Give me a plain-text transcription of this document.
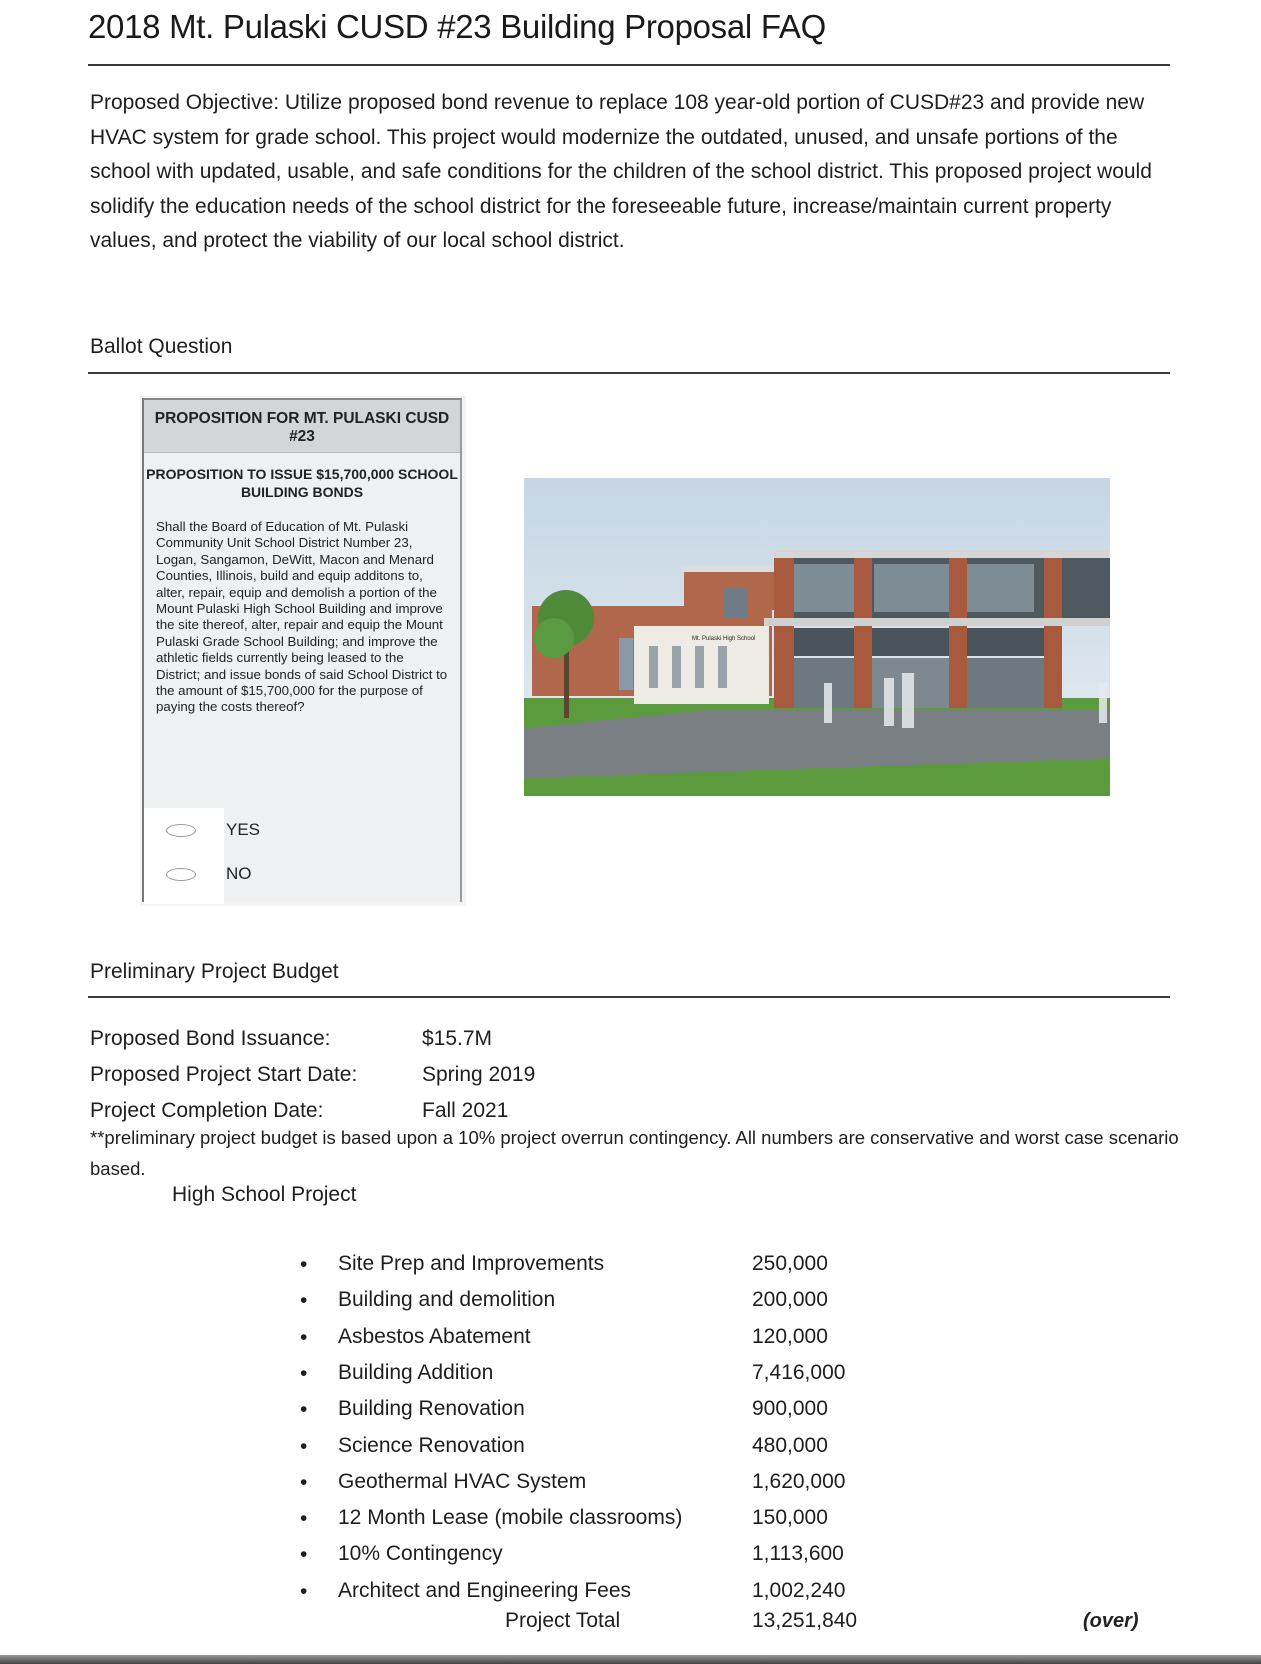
2018 Mt. Pulaski CUSD #23 Building Proposal FAQ
Proposed Objective: Utilize proposed bond revenue to replace 108 year-old portion of CUSD#23 and provide new HVAC system for grade school. This project would modernize the outdated, unused, and unsafe portions of the school with updated, usable, and safe conditions for the children of the school district. This proposed project would solidify the education needs of the school district for the foreseeable future, increase/maintain current property values, and protect the viability of our local school district.
Ballot Question
PROPOSITION FOR MT. PULASKI CUSD #23
PROPOSITION TO ISSUE $15,700,000 SCHOOL BUILDING BONDS
Shall the Board of Education of Mt. Pulaski Community Unit School District Number 23, Logan, Sangamon, DeWitt, Macon and Menard Counties, Illinois, build and equip additons to, alter, repair, equip and demolish a portion of the Mount Pulaski High School Building and improve the site thereof, alter, repair and equip the Mount Pulaski Grade School Building; and improve the athletic fields currently being leased to the District; and issue bonds of said School District to the amount of $15,700,000 for the purpose of paying the costs thereof?
YES
NO
Mt. Pulaski High School
Preliminary Project Budget
Proposed Bond Issuance:	$15.7M
Proposed Project Start Date:	Spring 2019
Project Completion Date:	Fall 2021
**preliminary project budget is based upon a 10% project overrun contingency. All numbers are conservative and worst case scenario based.
High School Project
• Site Prep and Improvements	250,000
• Building and demolition	200,000
• Asbestos Abatement	120,000
• Building Addition	7,416,000
• Building Renovation	900,000
• Science Renovation	480,000
• Geothermal HVAC System	1,620,000
• 12 Month Lease (mobile classrooms)	150,000
• 10% Contingency	1,113,600
• Architect and Engineering Fees	1,002,240
Project Total	13,251,840	(over)
